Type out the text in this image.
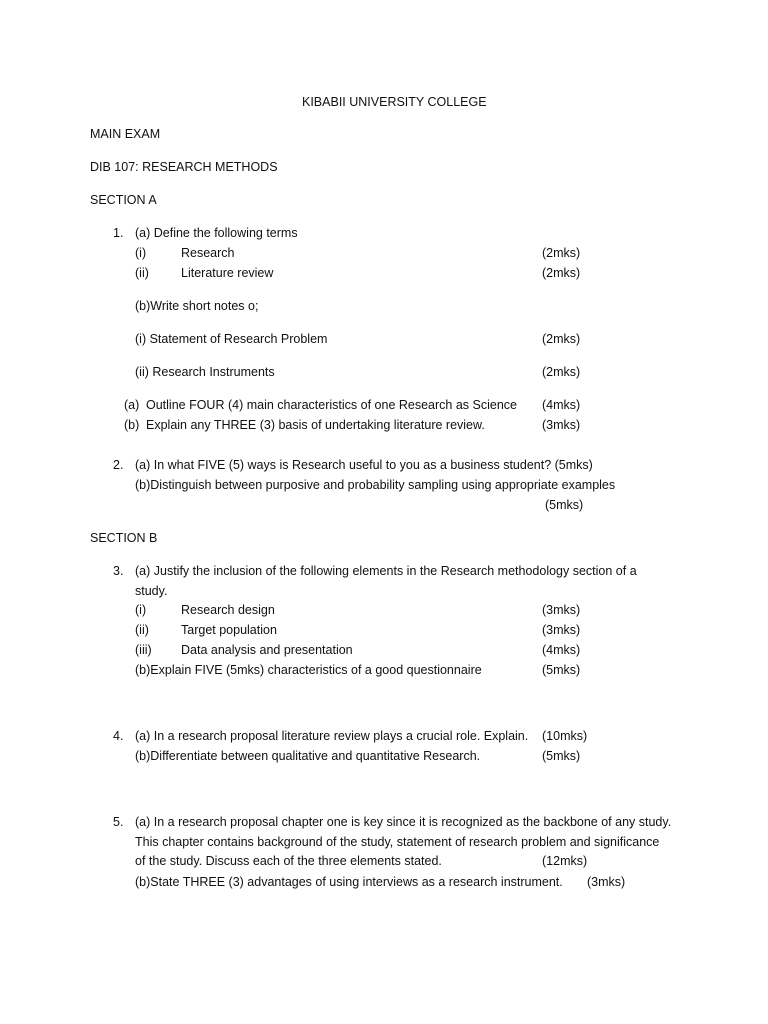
KIBABII UNIVERSITY COLLEGE
MAIN EXAM
DIB 107: RESEARCH METHODS
SECTION A
1. (a) Define the following terms
(i)	Research	(2mks)
(ii)	Literature review	(2mks)
(b)Write short notes o;
(i) Statement of Research Problem	(2mks)
(ii) Research Instruments	(2mks)
(a) Outline FOUR (4) main characteristics of one Research as Science (4mks)
(b) Explain any THREE (3) basis of undertaking literature review.	(3mks)
2. (a) In what FIVE (5) ways is Research useful to you as a business student? (5mks)
(b)Distinguish between purposive and probability sampling using appropriate examples
(5mks)
SECTION B
3. (a) Justify the inclusion of the following elements in the Research methodology section of a
study.
(i)	Research design	(3mks)
(ii)	Target population	(3mks)
(iii) Data analysis and presentation	(4mks)
(b)Explain FIVE (5mks) characteristics of a good questionnaire	(5mks)
4. (a) In a research proposal literature review plays a crucial role. Explain. (10mks)
(b)Differentiate between qualitative and quantitative Research.	(5mks)
5. (a) In a research proposal chapter one is key since it is recognized as the backbone of any study.
This chapter contains background of the study, statement of research problem and significance
of the study. Discuss each of the three elements stated.	(12mks)
(b)State THREE (3) advantages of using interviews as a research instrument. (3mks)
